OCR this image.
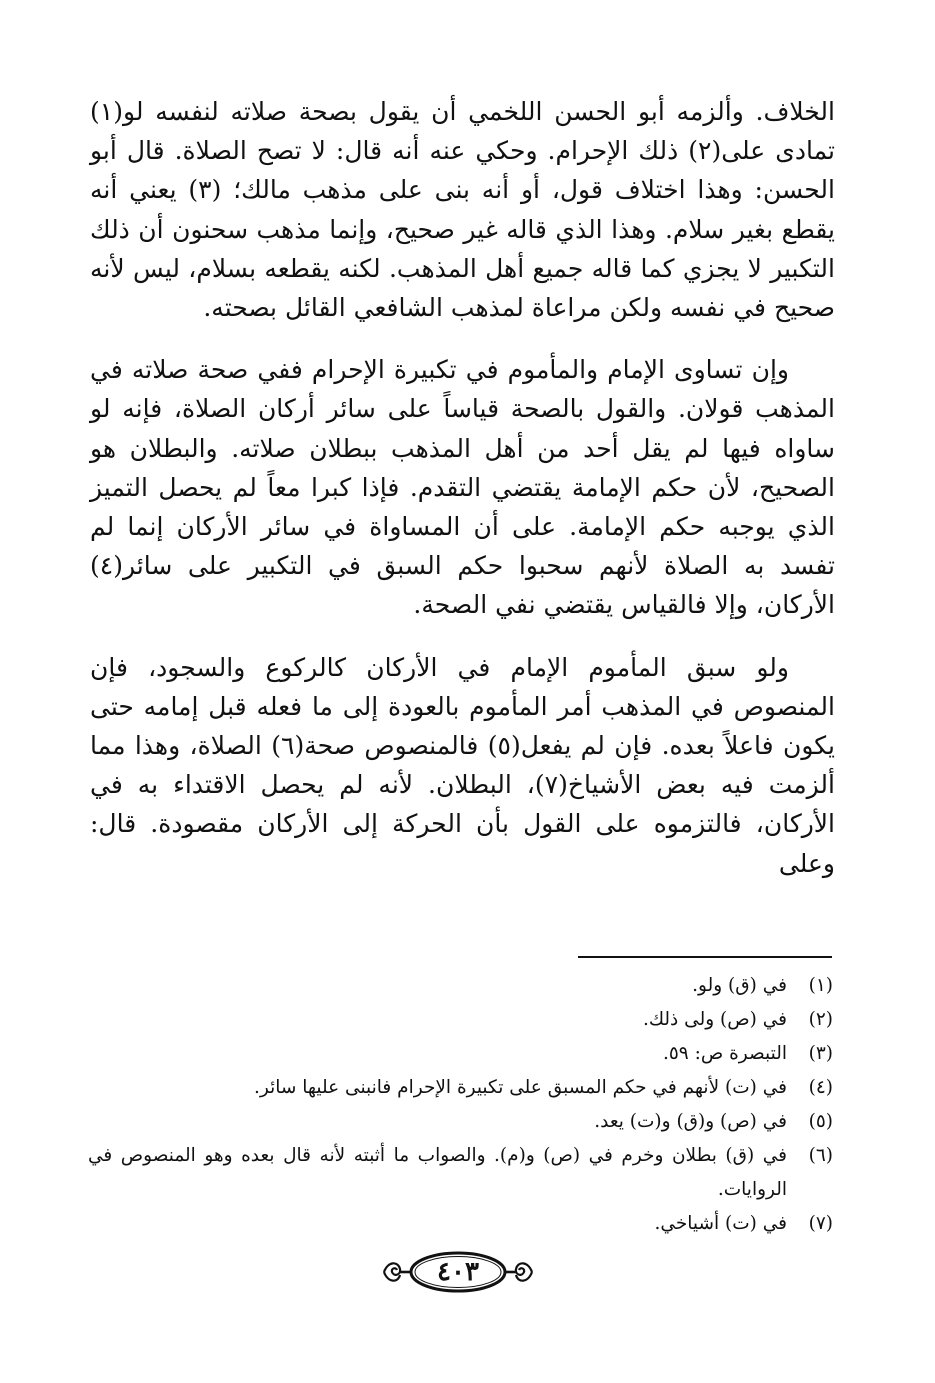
الخلاف. وألزمه أبو الحسن اللخمي أن يقول بصحة صلاته لنفسه لو(١) تمادى على(٢) ذلك الإحرام. وحكي عنه أنه قال: لا تصح الصلاة. قال أبو الحسن: وهذا اختلاف قول، أو أنه بنى على مذهب مالك؛ (٣) يعني أنه يقطع بغير سلام. وهذا الذي قاله غير صحيح، وإنما مذهب سحنون أن ذلك التكبير لا يجزي كما قاله جميع أهل المذهب. لكنه يقطعه بسلام، ليس لأنه صحيح في نفسه ولكن مراعاة لمذهب الشافعي القائل بصحته.

وإن تساوى الإمام والمأموم في تكبيرة الإحرام ففي صحة صلاته في المذهب قولان. والقول بالصحة قياساً على سائر أركان الصلاة، فإنه لو ساواه فيها لم يقل أحد من أهل المذهب ببطلان صلاته. والبطلان هو الصحيح، لأن حكم الإمامة يقتضي التقدم. فإذا كبرا معاً لم يحصل التميز الذي يوجبه حكم الإمامة. على أن المساواة في سائر الأركان إنما لم تفسد به الصلاة لأنهم سحبوا حكم السبق في التكبير على سائر(٤) الأركان، وإلا فالقياس يقتضي نفي الصحة.

ولو سبق المأموم الإمام في الأركان كالركوع والسجود، فإن المنصوص في المذهب أمر المأموم بالعودة إلى ما فعله قبل إمامه حتى يكون فاعلاً بعده. فإن لم يفعل(٥) فالمنصوص صحة(٦) الصلاة، وهذا مما ألزمت فيه بعض الأشياخ(٧)، البطلان. لأنه لم يحصل الاقتداء به في الأركان، فالتزموه على القول بأن الحركة إلى الأركان مقصودة. قال: وعلى

(١)
في (ق) ولو.
(٢)
في (ص) ولى ذلك.
(٣)
التبصرة ص: ٥٩.
(٤)
في (ت) لأنهم في حكم المسبق على تكبيرة الإحرام فانبنى عليها سائر.
(٥)
في (ص) و(ق) و(ت) يعد.
(٦)
في (ق) بطلان وخرم في (ص) و(م). والصواب ما أثبته لأنه قال بعده وهو المنصوص في الروايات.
(٧)
في (ت) أشياخي.
٤٠٣
